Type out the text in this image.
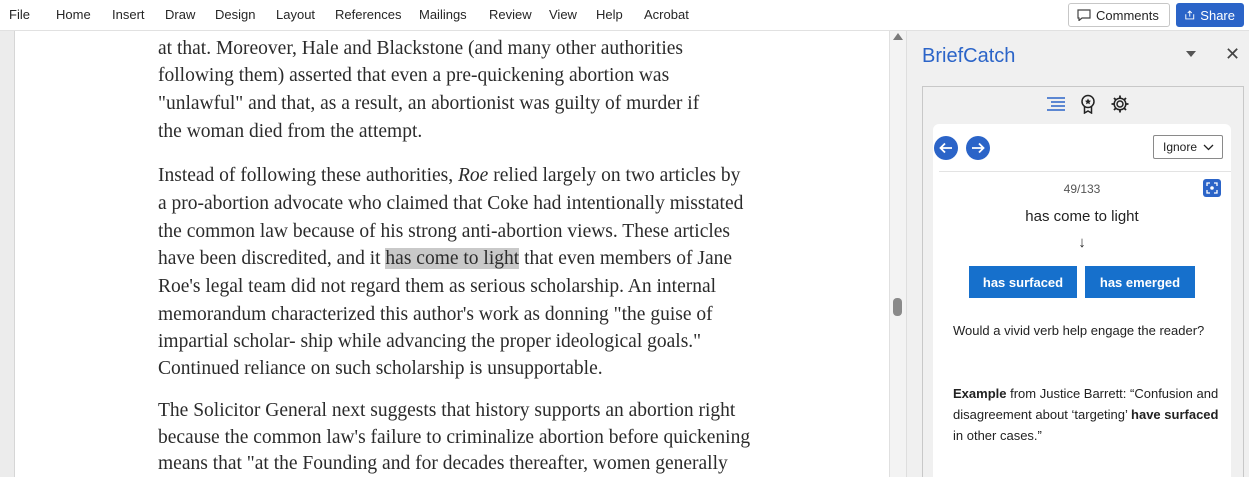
File Home Insert Draw Design Layout References Mailings Review View Help Acrobat	Comments	Share
at that. Moreover, Hale and Blackstone (and many other authorities
following them) asserted that even a pre-quickening abortion was
"unlawful" and that, as a result, an abortionist was guilty of murder if
the woman died from the attempt.
Instead of following these authorities, Roe relied largely on two articles by
a pro-abortion advocate who claimed that Coke had intentionally misstated
the common law because of his strong anti-abortion views. These articles
have been discredited, and it has come to light that even members of Jane
Roe's legal team did not regard them as serious scholarship. An internal
memorandum characterized this author's work as donning "the guise of
impartial scholar- ship while advancing the proper ideological goals."
Continued reliance on such scholarship is unsupportable.
The Solicitor General next suggests that history supports an abortion right
because the common law's failure to criminalize abortion before quickening
means that "at the Founding and for decades thereafter, women generally
BriefCatch	✕
Ignore
49/133
has come to light
↓
has surfaced	has emerged
Would a vivid verb help engage the reader?
Example from Justice Barrett: “Confusion and disagreement about ‘targeting’ have surfaced in other cases.”
